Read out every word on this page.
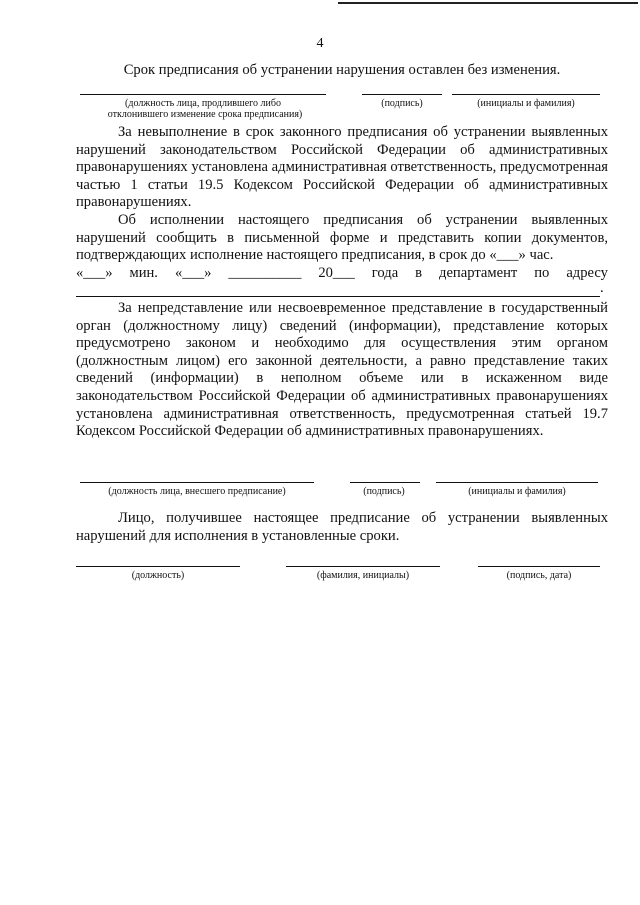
4
Срок предписания об устранении нарушения оставлен без изменения.
(должность лица, продлившего либо
отклонившего изменение срока предписания)
(подпись)	(инициалы и фамилия)
За невыполнение в срок законного предписания об устранении выявленных нарушений законодательством Российской Федерации об административных правонарушениях установлена административная ответственность, предусмотренная частью 1 статьи 19.5 Кодексом Российской Федерации об административных правонарушениях.
Об исполнении настоящего предписания об устранении выявленных нарушений сообщить в письменной форме и представить копии документов, подтверждающих исполнение настоящего предписания, в срок до «___» час.
«___» мин. «___» __________ 20___ года в департамент по адресу
.
За непредставление или несвоевременное представление в государственный орган (должностному лицу) сведений (информации), представление которых предусмотрено законом и необходимо для осуществления этим органом (должностным лицом) его законной деятельности, а равно представление таких сведений (информации) в неполном объеме или в искаженном виде законодательством Российской Федерации об административных правонарушениях установлена административная ответственность, предусмотренная статьей 19.7 Кодексом Российской Федерации об административных правонарушениях.
(должность лица, внесшего предписание)	(подпись)	(инициалы и фамилия)
Лицо, получившее настоящее предписание об устранении выявленных нарушений для исполнения в установленные сроки.
(должность)	(фамилия, инициалы)	(подпись, дата)
